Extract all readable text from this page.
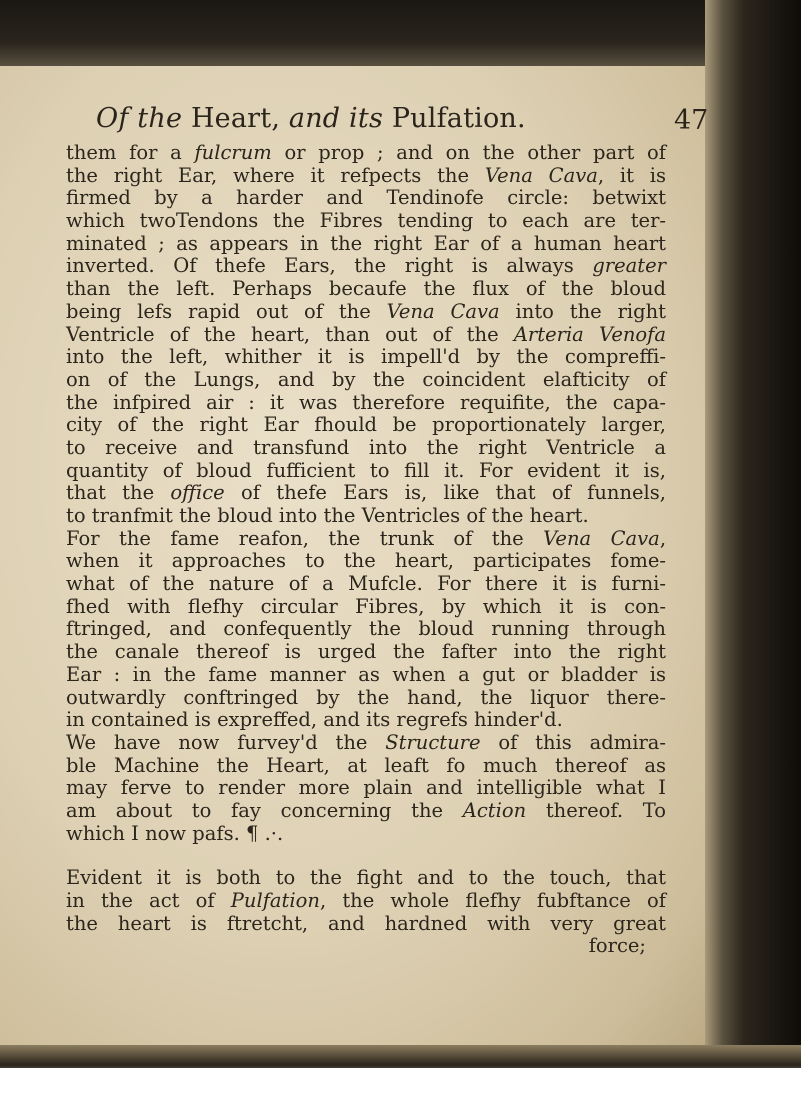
Of the Heart, and its Pulfation.	47
them for a fulcrum or prop ; and on the other part of
the right Ear, where it refpects the Vena Cava, it is
firmed by a harder and Tendinofe circle: betwixt
which twoTendons the Fibres tending to each are ter-
minated ; as appears in the right Ear of a human heart
inverted. Of thefe Ears, the right is always greater
than the left. Perhaps becaufe the flux of the bloud
being lefs rapid out of the Vena Cava into the right
Ventricle of the heart, than out of the Arteria Venofa
into the left, whither it is impell'd by the compreffi-
on of the Lungs, and by the coincident elafticity of
the infpired air : it was therefore requifite, the capa-
city of the right Ear fhould be proportionately larger,
to receive and transfund into the right Ventricle a
quantity of bloud fufficient to fill it. For evident it is,
that the office of thefe Ears is, like that of funnels,
to tranfmit the bloud into the Ventricles of the heart.
For the fame reafon, the trunk of the Vena Cava,
when it approaches to the heart, participates fome-
what of the nature of a Mufcle. For there it is furni-
fhed with flefhy circular Fibres, by which it is con-
ftringed, and confequently the bloud running through
the canale thereof is urged the fafter into the right
Ear : in the fame manner as when a gut or bladder is
outwardly conftringed by the hand, the liquor there-
in contained is expreffed, and its regrefs hinder'd.
We have now furvey'd the Structure of this admira-
ble Machine the Heart, at leaft fo much thereof as
may ferve to render more plain and intelligible what I
am about to fay concerning the Action thereof. To
which I now pafs. ¶ .·.
Evident it is both to the fight and to the touch, that
in the act of Pulfation, the whole flefhy fubftance of
the heart is ftretcht, and hardned with very great
force;
